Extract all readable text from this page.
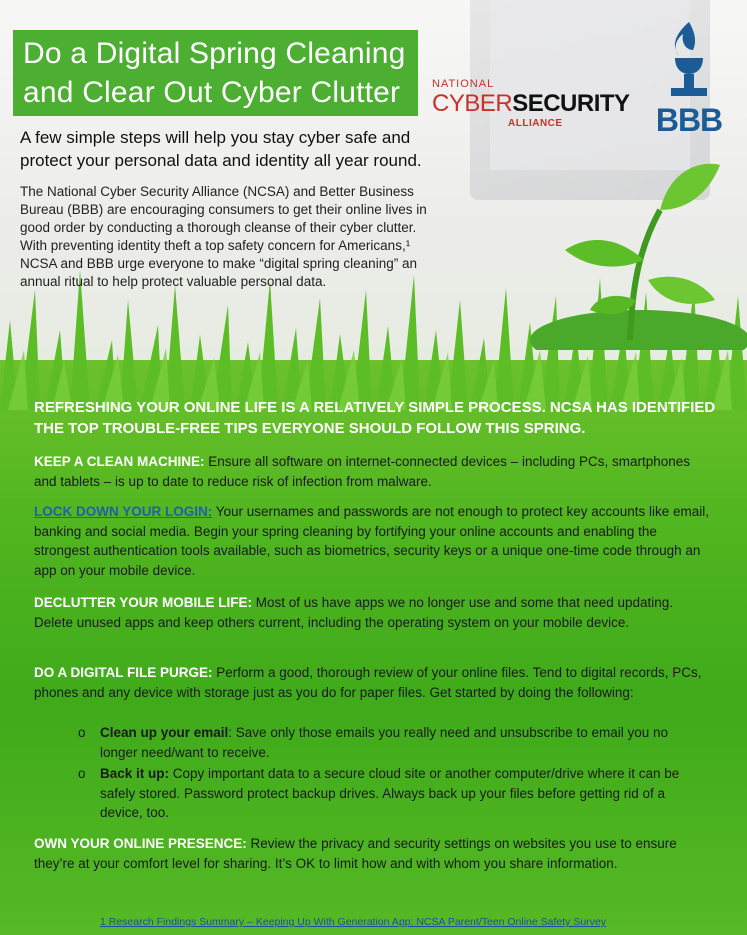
Do a Digital Spring Cleaning
and Clear Out Cyber Clutter	NATIONAL
CYBERSECURITY
ALLIANCE	BBB
A few simple steps will help you stay cyber safe and protect your personal data and identity all year round.
The National Cyber Security Alliance (NCSA) and Better Business Bureau (BBB) are encouraging consumers to get their online lives in good order by conducting a thorough cleanse of their cyber clutter. With preventing identity theft a top safety concern for Americans,¹ NCSA and BBB urge everyone to make “digital spring cleaning” an annual ritual to help protect valuable personal data.
REFRESHING YOUR ONLINE LIFE IS A RELATIVELY SIMPLE PROCESS. NCSA HAS IDENTIFIED THE TOP TROUBLE-FREE TIPS EVERYONE SHOULD FOLLOW THIS SPRING.
KEEP A CLEAN MACHINE: Ensure all software on internet-connected devices – including PCs, smartphones and tablets – is up to date to reduce risk of infection from malware.
LOCK DOWN YOUR LOGIN: Your usernames and passwords are not enough to protect key accounts like email, banking and social media. Begin your spring cleaning by fortifying your online accounts and enabling the strongest authentication tools available, such as biometrics, security keys or a unique one-time code through an app on your mobile device.
DECLUTTER YOUR MOBILE LIFE: Most of us have apps we no longer use and some that need updating. Delete unused apps and keep others current, including the operating system on your mobile device.
DO A DIGITAL FILE PURGE: Perform a good, thorough review of your online files. Tend to digital records, PCs, phones and any device with storage just as you do for paper files. Get started by doing the following:
o Clean up your email: Save only those emails you really need and unsubscribe to email you no longer need/want to receive.
o Back it up: Copy important data to a secure cloud site or another computer/drive where it can be safely stored. Password protect backup drives. Always back up your files before getting rid of a device, too.
OWN YOUR ONLINE PRESENCE: Review the privacy and security settings on websites you use to ensure they’re at your comfort level for sharing. It’s OK to limit how and with whom you share information.
1 Research Findings Summary – Keeping Up With Generation App: NCSA Parent/Teen Online Safety Survey
